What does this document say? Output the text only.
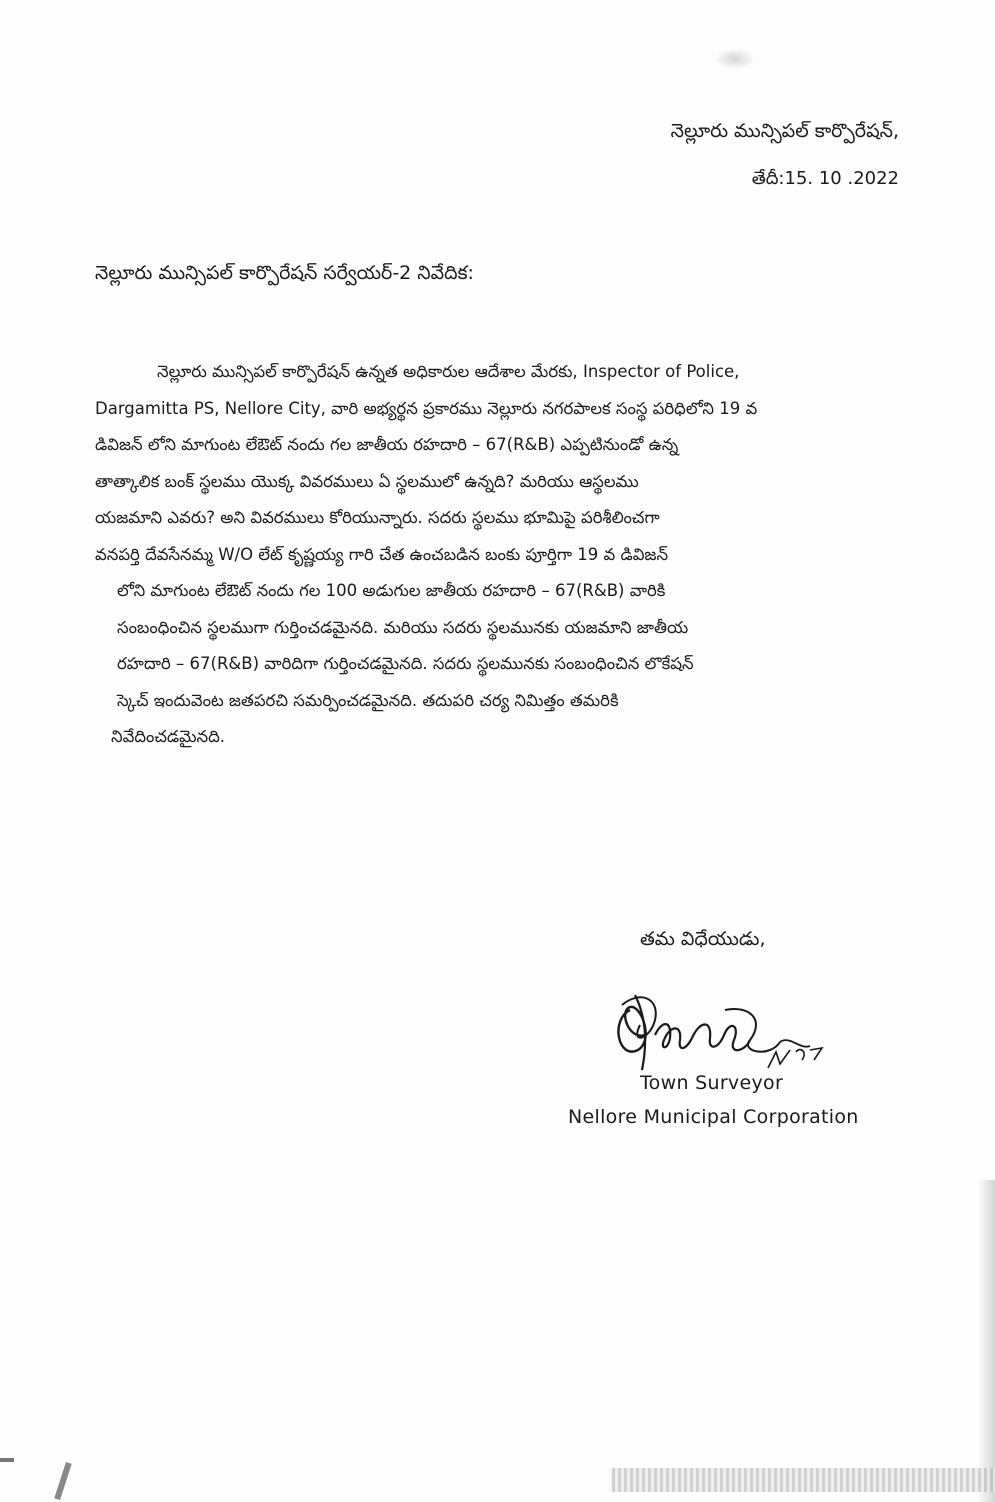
నెల్లూరు మున్సిపల్ కార్పొరేషన్,
తేదీ:15. 10 .2022
నెల్లూరు మున్సిపల్ కార్పొరేషన్ సర్వేయర్-2 నివేదిక:
నెల్లూరు మున్సిపల్ కార్పొరేషన్ ఉన్నత అధికారుల ఆదేశాల మేరకు, Inspector of Police,
Dargamitta PS, Nellore City, వారి అభ్యర్థన ప్రకారము నెల్లూరు నగరపాలక సంస్థ పరిధిలోని 19 వ
డివిజన్ లోని మాగుంట లేఔట్ నందు గల జాతీయ రహదారి – 67(R&B) ఎప్పటినుండో ఉన్న
తాత్కాలిక బంక్ స్థలము యొక్క వివరములు ఏ స్థలములో ఉన్నది? మరియు ఆస్థలము
యజమాని ఎవరు? అని వివరములు కోరియున్నారు. సదరు స్థలము భూమిపై పరిశీలించగా
వనపర్తి దేవసేనమ్మ W/O లేట్ కృష్ణయ్య గారి చేత ఉంచబడిన బంకు పూర్తిగా 19 వ డివిజన్
లోని మాగుంట లేఔట్ నందు గల 100 అడుగుల జాతీయ రహదారి – 67(R&B) వారికి
సంబంధించిన స్థలముగా గుర్తించడమైనది. మరియు సదరు స్థలమునకు యజమాని జాతీయ
రహదారి – 67(R&B) వారిదిగా గుర్తించడమైనది. సదరు స్థలమునకు సంబంధించిన లొకేషన్
స్కెచ్ ఇందువెంట జతపరచి సమర్పించడమైనది. తదుపరి చర్య నిమిత్తం తమరికి
నివేదించడమైనది.
తమ విధేయుడు,
Town Surveyor
Nellore Municipal Corporation
